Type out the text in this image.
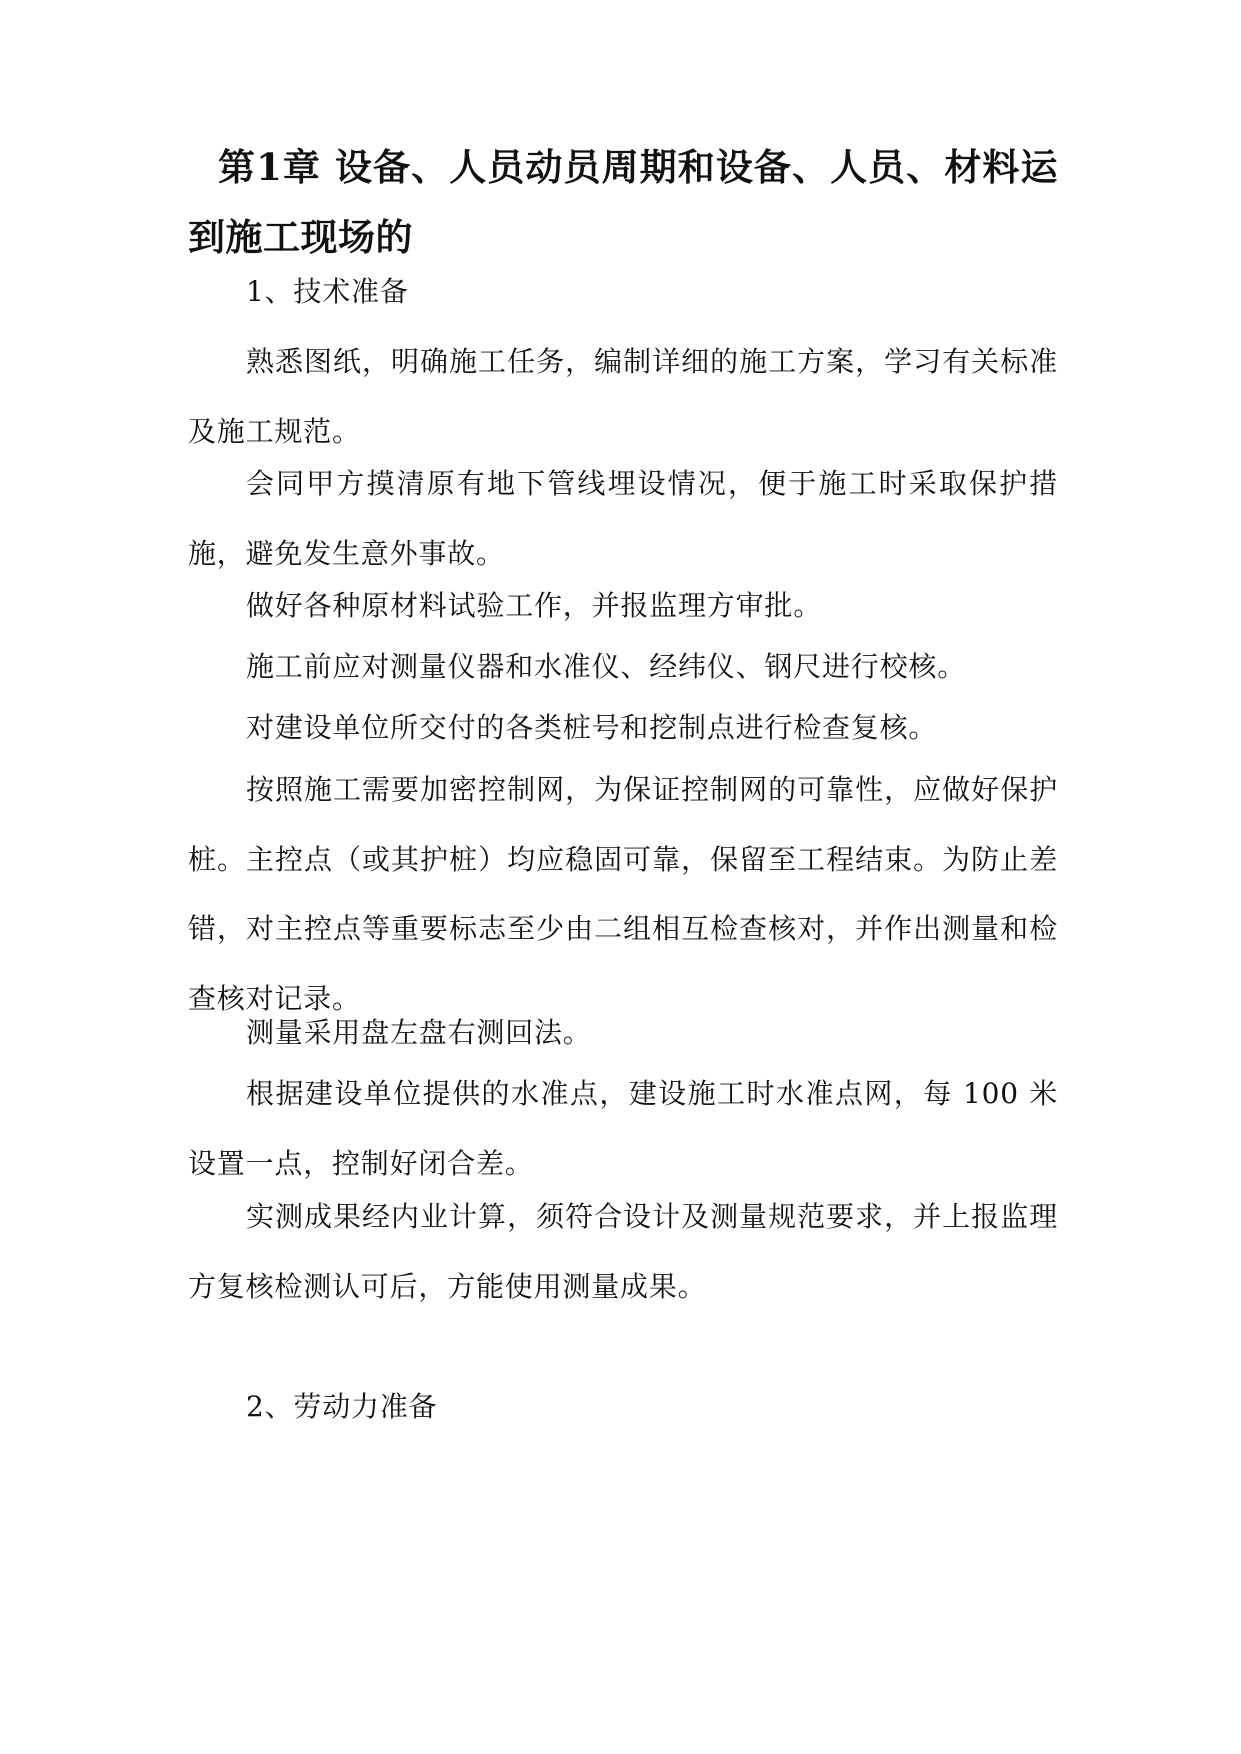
第1章 设备、人员动员周期和设备、人员、材料运到施工现场的

1、技术准备

熟悉图纸，明确施工任务，编制详细的施工方案，学习有关标准及施工规范。

会同甲方摸清原有地下管线埋设情况，便于施工时采取保护措施，避免发生意外事故。

做好各种原材料试验工作，并报监理方审批。

施工前应对测量仪器和水准仪、经纬仪、钢尺进行校核。

对建设单位所交付的各类桩号和挖制点进行检查复核。

按照施工需要加密控制网，为保证控制网的可靠性，应做好保护桩。主控点（或其护桩）均应稳固可靠，保留至工程结束。为防止差错，对主控点等重要标志至少由二组相互检查核对，并作出测量和检查核对记录。

测量采用盘左盘右测回法。

根据建设单位提供的水准点，建设施工时水准点网，每 100 米设置一点，控制好闭合差。

实测成果经内业计算，须符合设计及测量规范要求，并上报监理方复核检测认可后，方能使用测量成果。

2、劳动力准备
